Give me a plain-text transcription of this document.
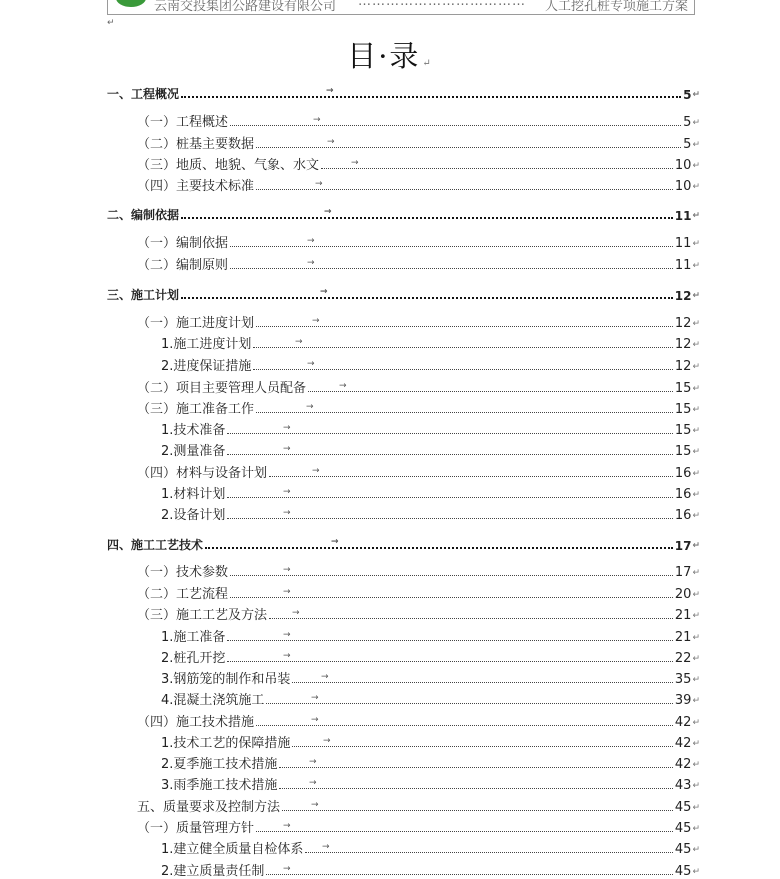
云南交投集团公路建设有限公司 ……………………………… 人工挖孔桩专项施工方案
↵
目·录 ↵
一、工程概况	→	5 ↵
（一）工程概述	→	5 ↵
（二）桩基主要数据	→	5 ↵
（三）地质、地貌、气象、水文	→	10 ↵
（四）主要技术标准	→	10 ↵
二、编制依据	→	11 ↵
（一）编制依据	→	11 ↵
（二）编制原则	→	11 ↵
三、施工计划	→	12 ↵
（一）施工进度计划	→	12 ↵
1.施工进度计划	→	12 ↵
2.进度保证措施	→	12 ↵
（二）项目主要管理人员配备	→	15 ↵
（三）施工准备工作	→	15 ↵
1.技术准备	→	15 ↵
2.测量准备	→	15 ↵
（四）材料与设备计划	→	16 ↵
1.材料计划	→	16 ↵
2.设备计划	→	16 ↵
四、施工工艺技术	→	17 ↵
（一）技术参数	→	17 ↵
（二）工艺流程	→	20 ↵
（三）施工工艺及方法	→	21 ↵
1.施工准备	→	21 ↵
2.桩孔开挖	→	22 ↵
3.钢筋笼的制作和吊装	→	35 ↵
4.混凝土浇筑施工	→	39 ↵
（四）施工技术措施	→	42 ↵
1.技术工艺的保障措施	→	42 ↵
2.夏季施工技术措施	→	42 ↵
3.雨季施工技术措施	→	43 ↵
五、质量要求及控制方法	→	45 ↵
（一）质量管理方针	→	45 ↵
1.建立健全质量自检体系 →	45 ↵
2.建立质量责任制 →	45 ↵
